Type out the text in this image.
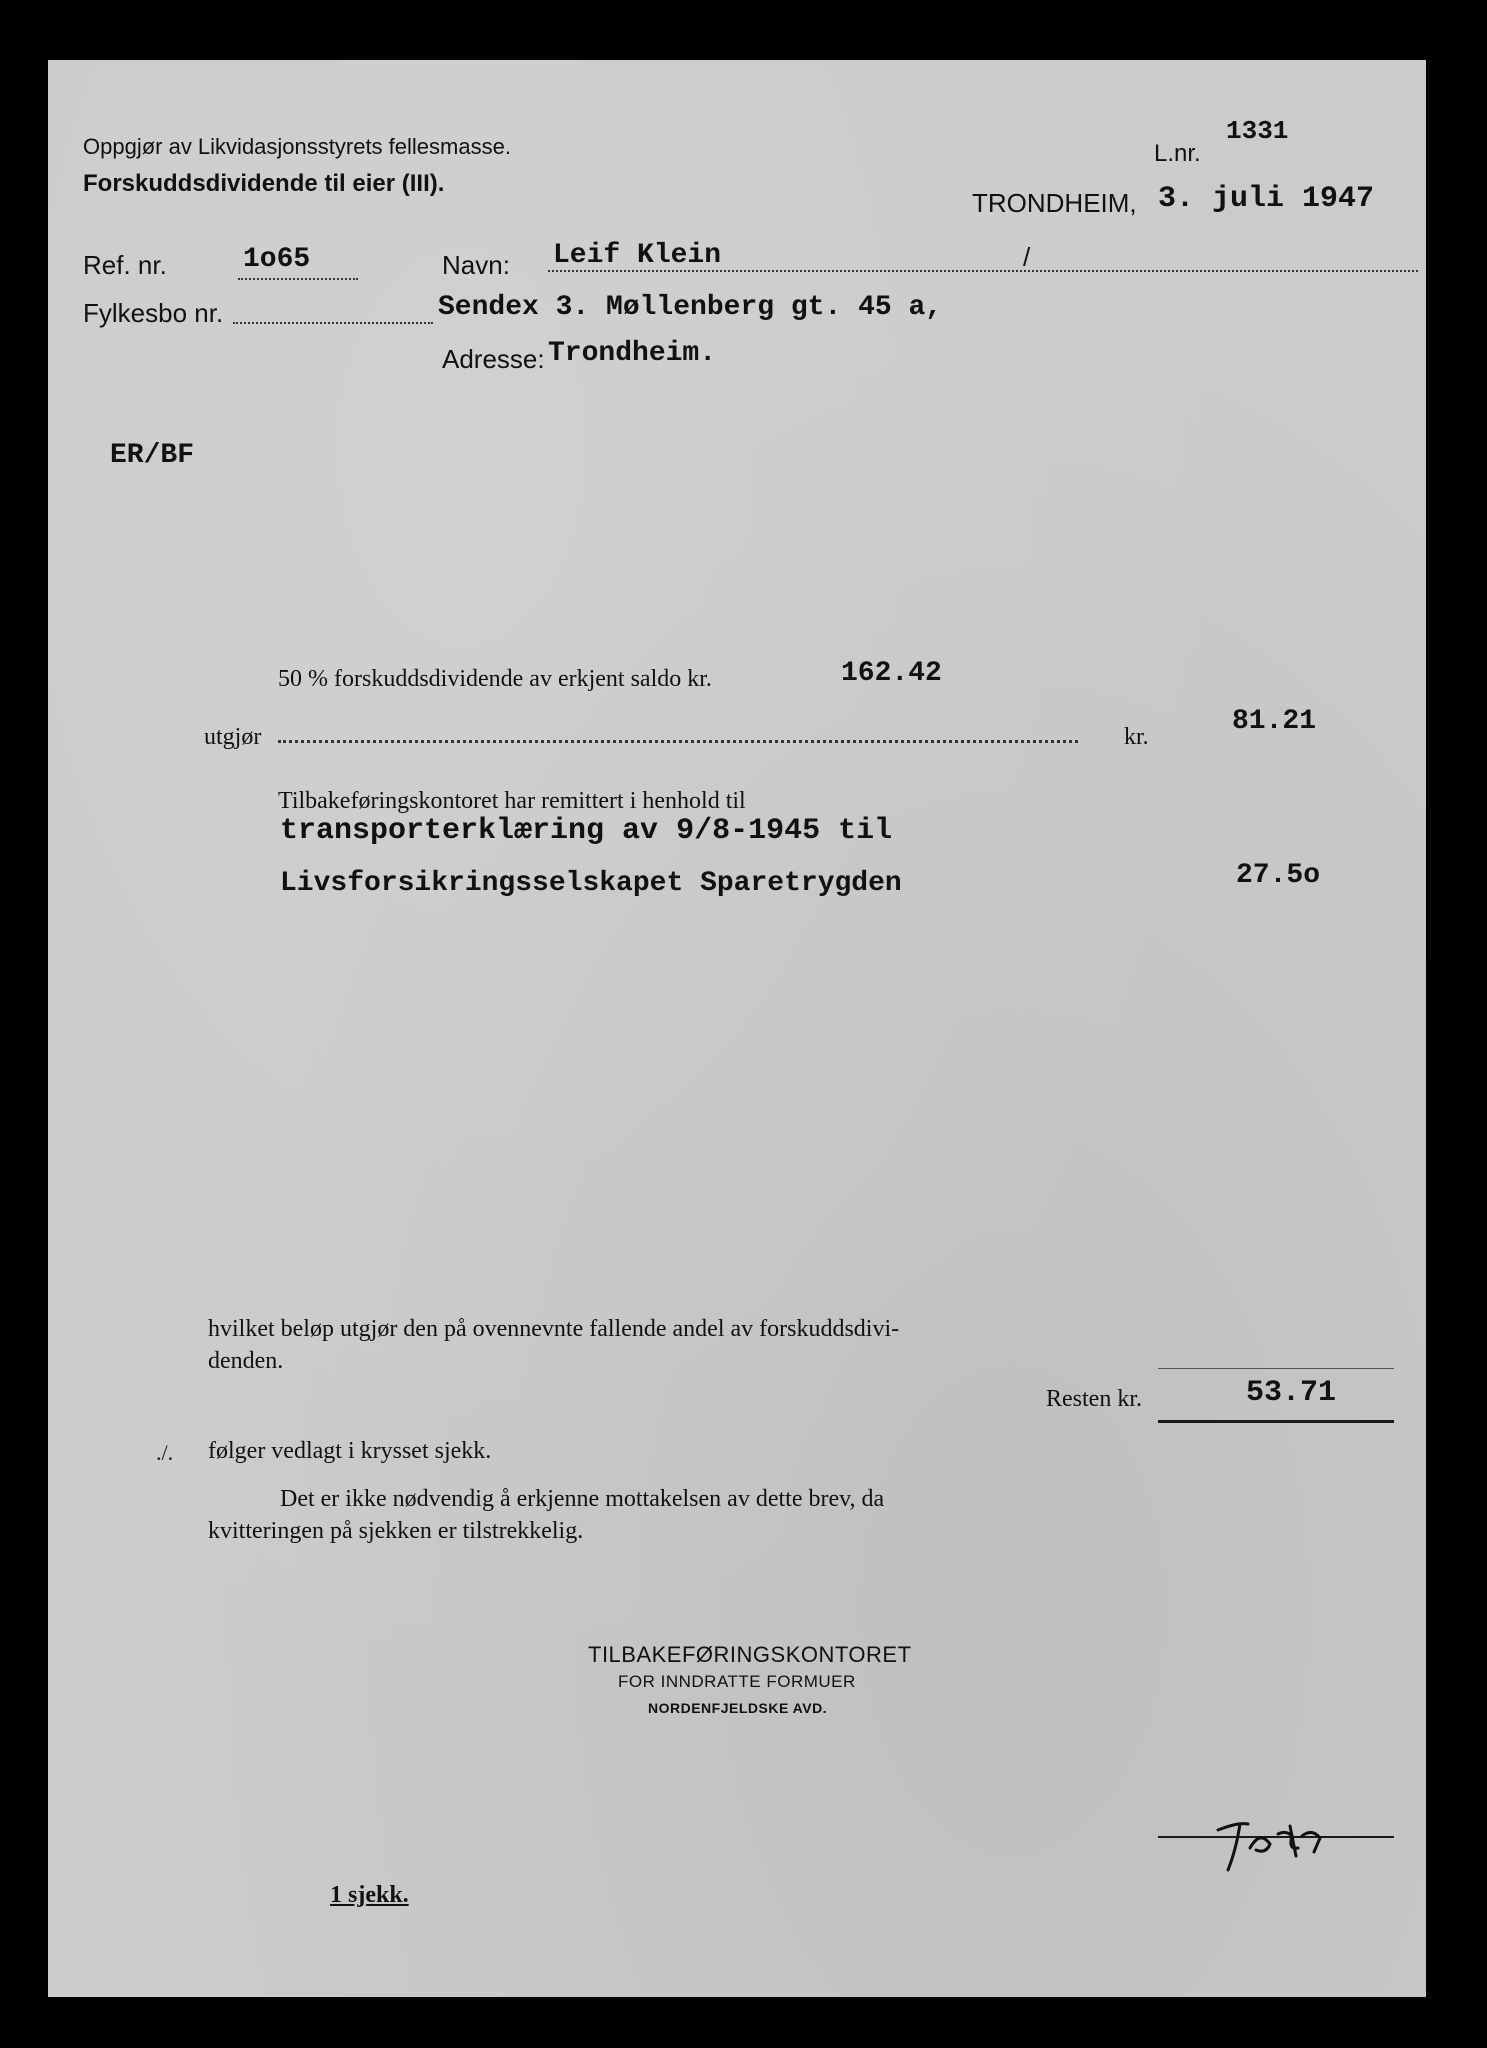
Oppgjør av Likvidasjonsstyrets fellesmasse.
Forskuddsdividende til eier (III).
L.nr.
1331
TRONDHEIM, 3. juli 1947
Ref. nr.	1o65	Navn: Leif Klein	/
Fylkesbo nr.	Sendex 3. Møllenberg gt. 45 a,
Adresse: Trondheim.
ER/BF
50 % forskuddsdividende av erkjent saldo kr.	162.42
utgjør	kr.	81.21
Tilbakeføringskontoret har remittert i henhold til
transporterklæring av 9/8-1945 til
Livsforsikringsselskapet Sparetrygden	27.5o
hvilket beløp utgjør den på ovennevnte fallende andel av forskuddsdivi-
denden.
Resten kr.	53.71
./. følger vedlagt i krysset sjekk.
Det er ikke nødvendig å erkjenne mottakelsen av dette brev, da
kvitteringen på sjekken er tilstrekkelig.
TILBAKEFØRINGSKONTORET
FOR INNDRATTE FORMUER
NORDENFJELDSKE AVD.
1 sjekk.
